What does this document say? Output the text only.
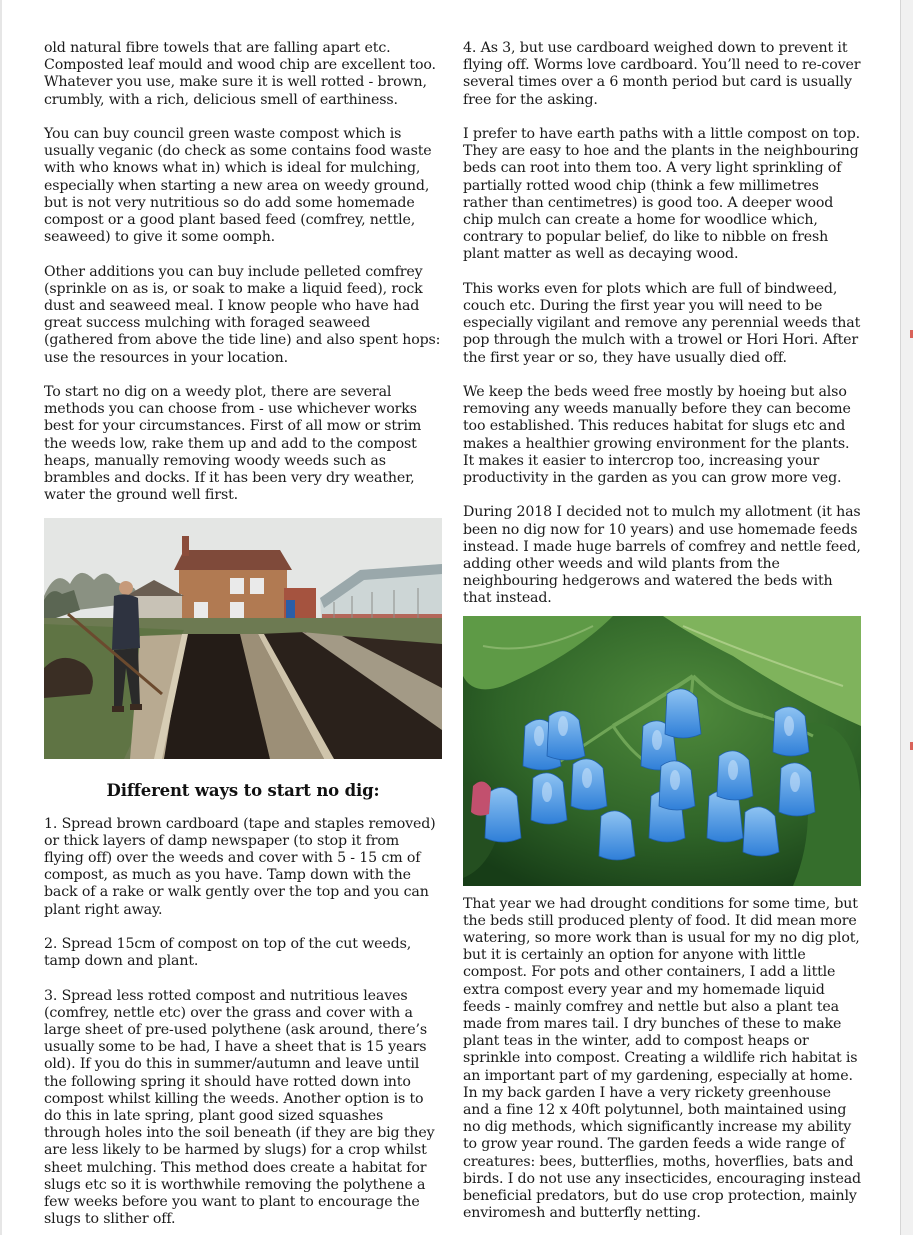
old natural fibre towels that are falling apart etc. Composted leaf mould and wood chip are excellent too. Whatever you use, make sure it is well rotted - brown, crumbly, with a rich, delicious smell of earthiness.

You can buy council green waste compost which is usually veganic (do check as some contains food waste with who knows what in) which is ideal for mulching, especially when starting a new area on weedy ground, but is not very nutritious so do add some homemade compost or a good plant based feed (comfrey, nettle, seaweed) to give it some oomph.

Other additions you can buy include pelleted comfrey (sprinkle on as is, or soak to make a liquid feed), rock dust and seaweed meal. I know people who have had great success mulching with foraged seaweed (gathered from above the tide line) and also spent hops: use the resources in your location.

To start no dig on a weedy plot, there are several methods you can choose from - use whichever works best for your circumstances. First of all mow or strim the weeds low, rake them up and add to the compost heaps, manually removing woody weeds such as brambles and docks. If it has been very dry weather, water the ground well first.

Different ways to start no dig:

1. Spread brown cardboard (tape and staples removed) or thick layers of damp newspaper (to stop it from flying off) over the weeds and cover with 5 - 15 cm of compost, as much as you have. Tamp down with the back of a rake or walk gently over the top and you can plant right away.

2. Spread 15cm of compost on top of the cut weeds, tamp down and plant.

3. Spread less rotted compost and nutritious leaves (comfrey, nettle etc) over the grass and cover with a large sheet of pre-used polythene (ask around, there’s usually some to be had, I have a sheet that is 15 years old). If you do this in summer/autumn and leave until the following spring it should have rotted down into compost whilst killing the weeds. Another option is to do this in late spring, plant good sized squashes through holes into the soil beneath (if they are big they are less likely to be harmed by slugs) for a crop whilst sheet mulching. This method does create a habitat for slugs etc so it is worthwhile removing the polythene a few weeks before you want to plant to encourage the slugs to slither off.

4. As 3, but use cardboard weighed down to prevent it flying off. Worms love cardboard. You’ll need to re-cover several times over a 6 month period but card is usually free for the asking.

I prefer to have earth paths with a little compost on top. They are easy to hoe and the plants in the neighbouring beds can root into them too. A very light sprinkling of partially rotted wood chip (think a few millimetres rather than centimetres) is good too. A deeper wood chip mulch can create a home for woodlice which, contrary to popular belief, do like to nibble on fresh plant matter as well as decaying wood.

This works even for plots which are full of bindweed, couch etc. During the first year you will need to be especially vigilant and remove any perennial weeds that pop through the mulch with a trowel or Hori Hori. After the first year or so, they have usually died off.

We keep the beds weed free mostly by hoeing but also removing any weeds manually before they can become too established. This reduces habitat for slugs etc and makes a healthier growing environment for the plants. It makes it easier to intercrop too, increasing your productivity in the garden as you can grow more veg.

During 2018 I decided not to mulch my allotment (it has been no dig now for 10 years) and use homemade feeds instead. I made huge barrels of comfrey and nettle feed, adding other weeds and wild plants from the neighbouring hedgerows and watered the beds with that instead.

That year we had drought conditions for some time, but the beds still produced plenty of food. It did mean more watering, so more work than is usual for my no dig plot, but it is certainly an option for anyone with little compost. For pots and other containers, I add a little extra compost every year and my homemade liquid feeds - mainly comfrey and nettle but also a plant tea made from mares tail. I dry bunches of these to make plant teas in the winter, add to compost heaps or sprinkle into compost. Creating a wildlife rich habitat is an important part of my gardening, especially at home. In my back garden I have a very rickety greenhouse and a fine 12 x 40ft polytunnel, both maintained using no dig methods, which significantly increase my ability to grow year round. The garden feeds a wide range of creatures: bees, butterflies, moths, hoverflies, bats and birds. I do not use any insecticides, encouraging instead beneficial predators, but do use crop protection, mainly enviromesh and butterfly netting.
